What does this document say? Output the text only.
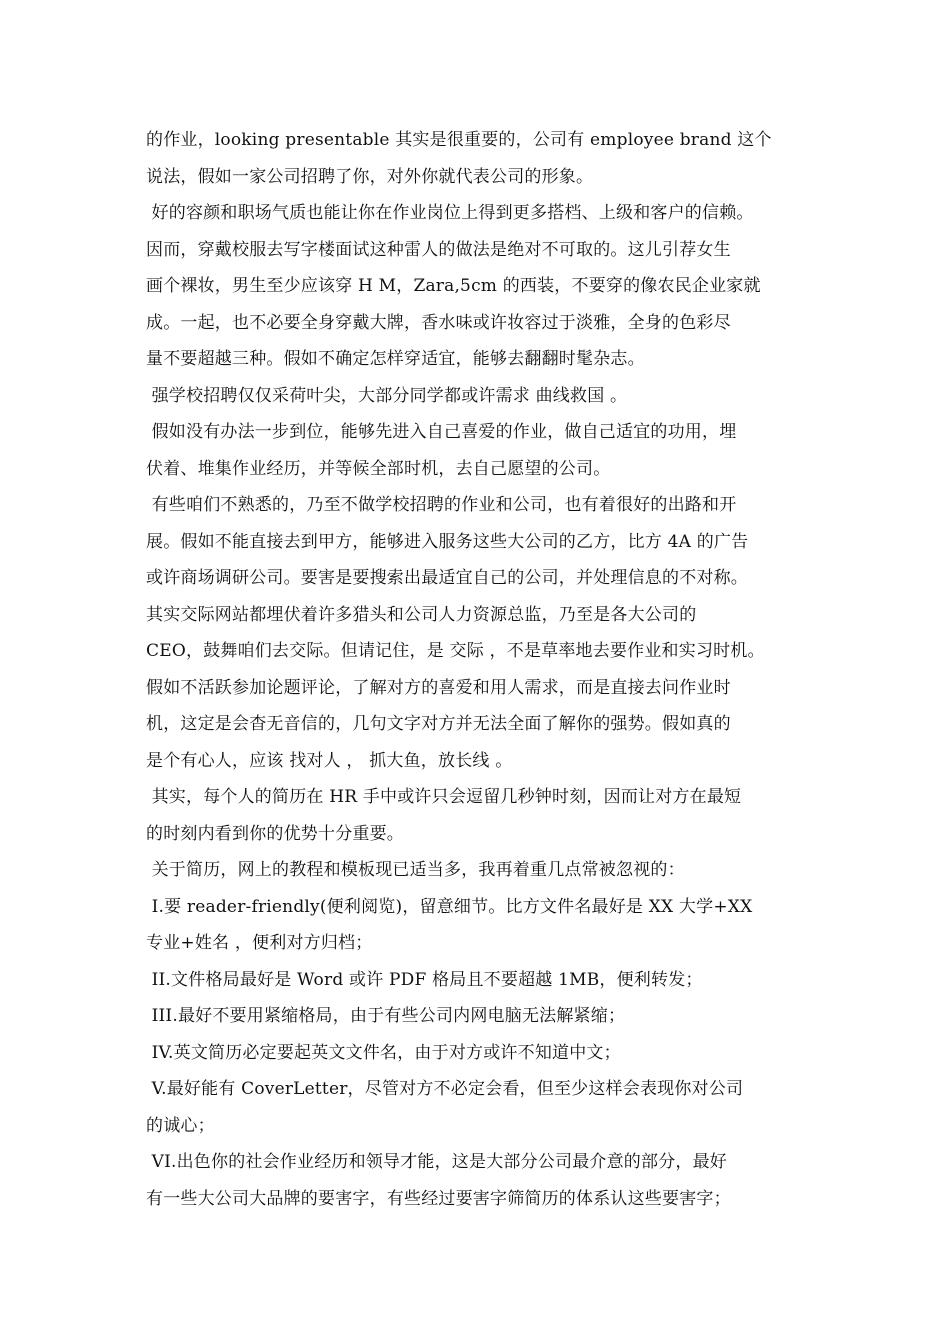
的作业，looking presentable 其实是很重要的，公司有 employee brand 这个
说法，假如一家公司招聘了你，对外你就代表公司的形象。
好的容颜和职场气质也能让你在作业岗位上得到更多搭档、上级和客户的信赖。
因而，穿戴校服去写字楼面试这种雷人的做法是绝对不可取的。这儿引荐女生
画个裸妆，男生至少应该穿 H M，Zara,5cm 的西装，不要穿的像农民企业家就
成。一起，也不必要全身穿戴大牌，香水味或许妆容过于淡雅，全身的色彩尽
量不要超越三种。假如不确定怎样穿适宜，能够去翻翻时髦杂志。
强学校招聘仅仅采荷叶尖，大部分同学都或许需求 曲线救国 。
假如没有办法一步到位，能够先进入自己喜爱的作业，做自己适宜的功用，埋
伏着、堆集作业经历，并等候全部时机，去自己愿望的公司。
有些咱们不熟悉的，乃至不做学校招聘的作业和公司，也有着很好的出路和开
展。假如不能直接去到甲方，能够进入服务这些大公司的乙方，比方 4A 的广告
或许商场调研公司。要害是要搜索出最适宜自己的公司，并处理信息的不对称。
其实交际网站都埋伏着许多猎头和公司人力资源总监，乃至是各大公司的
CEO，鼓舞咱们去交际。但请记住，是 交际 ，不是草率地去要作业和实习时机。
假如不活跃参加论题评论，了解对方的喜爱和用人需求，而是直接去问作业时
机，这定是会杳无音信的，几句文字对方并无法全面了解你的强势。假如真的
是个有心人，应该 找对人 ， 抓大鱼，放长线 。
其实，每个人的简历在 HR 手中或许只会逗留几秒钟时刻，因而让对方在最短
的时刻内看到你的优势十分重要。
关于简历，网上的教程和模板现已适当多，我再着重几点常被忽视的：
I.要 reader-friendly(便利阅览)，留意细节。比方文件名最好是 XX 大学+XX
专业+姓名 ，便利对方归档；
II.文件格局最好是 Word 或许 PDF 格局且不要超越 1MB，便利转发；
III.最好不要用紧缩格局，由于有些公司内网电脑无法解紧缩；
IV.英文简历必定要起英文文件名，由于对方或许不知道中文；
V.最好能有 CoverLetter，尽管对方不必定会看，但至少这样会表现你对公司
的诚心；
VI.出色你的社会作业经历和领导才能，这是大部分公司最介意的部分，最好
有一些大公司大品牌的要害字，有些经过要害字筛简历的体系认这些要害字；
